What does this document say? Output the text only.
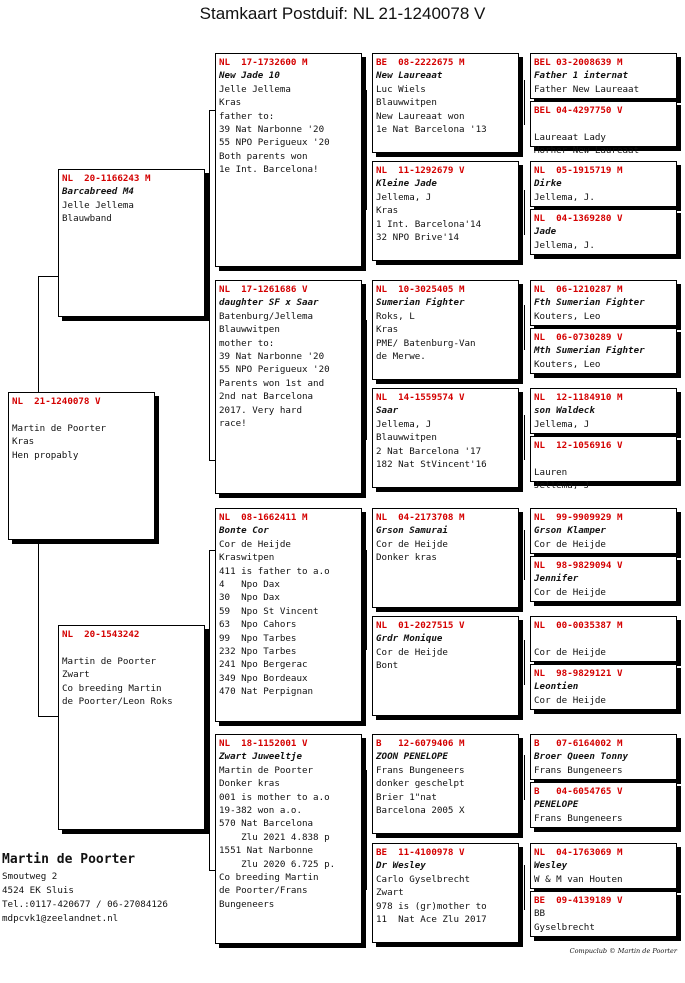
Stamkaart Postduif: NL 21-1240078 V
NL  21-1240078 V
Martin de Poorter
Kras
Hen propably
NL  20-1166243 M
Barcabreed M4
Jelle Jellema
Blauwband
NL  20-1543242
Martin de Poorter
Zwart
Co breeding Martin
de Poorter/Leon Roks
NL  17-1732600 M
New Jade 10
Jelle Jellema
Kras
father to:
39 Nat Narbonne '20
55 NPO Perigueux '20
Both parents won
1e Int. Barcelona!
NL  17-1261686 V
daughter SF x Saar
Batenburg/Jellema
Blauwwitpen
mother to:
39 Nat Narbonne '20
55 NPO Perigueux '20
Parents won 1st and
2nd nat Barcelona
2017. Very hard
race!
NL  08-1662411 M
Bonte Cor
Cor de Heijde
Kraswitpen
411 is father to a.o
4   Npo Dax
30  Npo Dax
59  Npo St Vincent
63  Npo Cahors
99  Npo Tarbes
232 Npo Tarbes
241 Npo Bergerac
349 Npo Bordeaux
470 Nat Perpignan
NL  18-1152001 V
Zwart Juweeltje
Martin de Poorter
Donker kras
001 is mother to a.o
19-382 won a.o.
570 Nat Barcelona
Zlu 2021 4.838 p
1551 Nat Narbonne
Zlu 2020 6.725 p.
Co breeding Martin
de Poorter/Frans
Bungeneers
BE  08-2222675 M
New Laureaat
Luc Wiels
Blauwwitpen
New Laureaat won
1e Nat Barcelona '13
NL  11-1292679 V
Kleine Jade
Jellema, J
Kras
1 Int. Barcelona'14
32 NPO Brive'14
NL  10-3025405 M
Sumerian Fighter
Roks, L
Kras
PME/ Batenburg-Van
de Merwe.
NL  14-1559574 V
Saar
Jellema, J
Blauwwitpen
2 Nat Barcelona '17
182 Nat StVincent'16
NL  04-2173708 M
Grson Samurai
Cor de Heijde
Donker kras
NL  01-2027515 V
Grdr Monique
Cor de Heijde
Bont
B   12-6079406 M
ZOON PENELOPE
Frans Bungeneers
donker geschelpt
Brier 1"nat
Barcelona 2005 X
BE  11-4100978 V
Dr Wesley
Carlo Gyselbrecht
Zwart
978 is (gr)mother to
11  Nat Ace Zlu 2017
BEL 03-2008639 M
Father 1 internat
Father New Laureaat
BEL 04-4297750 V
Laureaat Lady
Morher New Laureaat
NL  05-1915719 M
Dirke
Jellema, J.
NL  04-1369280 V
Jade
Jellema, J.
NL  06-1210287 M
Fth Sumerian Fighter
Kouters, Leo
NL  06-0730289 V
Mth Sumerian Fighter
Kouters, Leo
NL  12-1184910 M
son Waldeck
Jellema, J
NL  12-1056916 V
Lauren
Jellema, J
NL  99-9909929 M
Grson Klamper
Cor de Heijde
NL  98-9829094 V
Jennifer
Cor de Heijde
NL  00-0035387 M
Cor de Heijde
NL  98-9829121 V
Leontien
Cor de Heijde
B   07-6164002 M
Broer Queen Tonny
Frans Bungeneers
B   04-6054765 V
PENELOPE
Frans Bungeneers
NL  04-1763069 M
Wesley
W & M van Houten
BE  09-4139189 V
BB
Gyselbrecht
Martin de Poorter
Smoutweg 2
4524 EK Sluis
Tel.:0117-420677 / 06-27084126
mdpcvk1@zeelandnet.nl
Compuclub © Martin de Poorter
